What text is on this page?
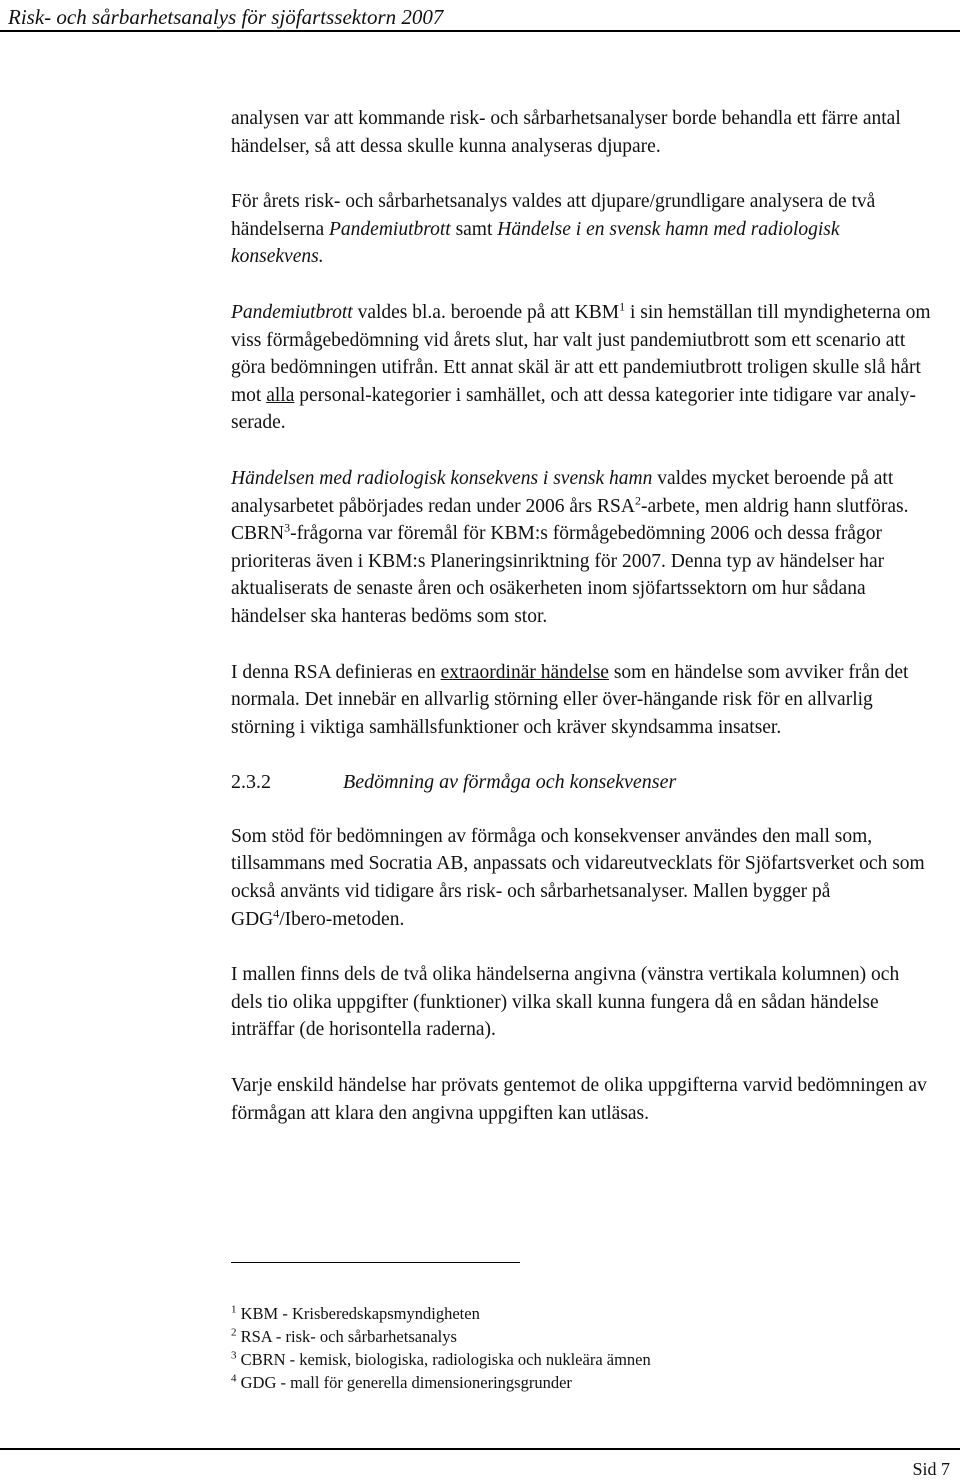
Risk- och sårbarhetsanalys för sjöfartssektorn 2007

analysen var att kommande risk- och sårbarhetsanalyser borde behandla ett färre antal händelser, så att dessa skulle kunna analyseras djupare.

För årets risk- och sårbarhetsanalys valdes att djupare/grundligare analysera de två händelserna Pandemiutbrott samt Händelse i en svensk hamn med radiologisk konsekvens.

Pandemiutbrott valdes bl.a. beroende på att KBM$^1$ i sin hemställan till myndigheterna om viss förmågebedömning vid årets slut, har valt just pandemiutbrott som ett scenario att göra bedömningen utifrån. Ett annat skäl är att ett pandemiutbrott troligen skulle slå hårt mot alla personal-kategorier i samhället, och att dessa kategorier inte tidigare var analy-serade.

Händelsen med radiologisk konsekvens i svensk hamn valdes mycket beroende på att analysarbetet påbörjades redan under 2006 års RSA$^2$-arbete, men aldrig hann slutföras. CBRN$^3$-frågorna var föremål för KBM:s förmågebedömning 2006 och dessa frågor prioriteras även i KBM:s Planeringsinriktning för 2007. Denna typ av händelser har aktualiserats de senaste åren och osäkerheten inom sjöfartssektorn om hur sådana händelser ska hanteras bedöms som stor.

I denna RSA definieras en extraordinär händelse som en händelse som avviker från det normala. Det innebär en allvarlig störning eller över-hängande risk för en allvarlig störning i viktiga samhällsfunktioner och kräver skyndsamma insatser.

2.3.2	Bedömning av förmåga och konsekvenser

Som stöd för bedömningen av förmåga och konsekvenser användes den mall som, tillsammans med Socratia AB, anpassats och vidareutvecklats för Sjöfartsverket och som också använts vid tidigare års risk- och sårbarhetsanalyser. Mallen bygger på GDG$^4$/Ibero-metoden.

I mallen finns dels de två olika händelserna angivna (vänstra vertikala kolumnen) och dels tio olika uppgifter (funktioner) vilka skall kunna fungera då en sådan händelse inträffar (de horisontella raderna).

Varje enskild händelse har prövats gentemot de olika uppgifterna varvid bedömningen av förmågan att klara den angivna uppgiften kan utläsas.

$^1$ KBM - Krisberedskapsmyndigheten
$^2$ RSA - risk- och sårbarhetsanalys
$^3$ CBRN - kemisk, biologiska, radiologiska och nukleära ämnen
$^4$ GDG - mall för generella dimensioneringsgrunder
Sid 7
